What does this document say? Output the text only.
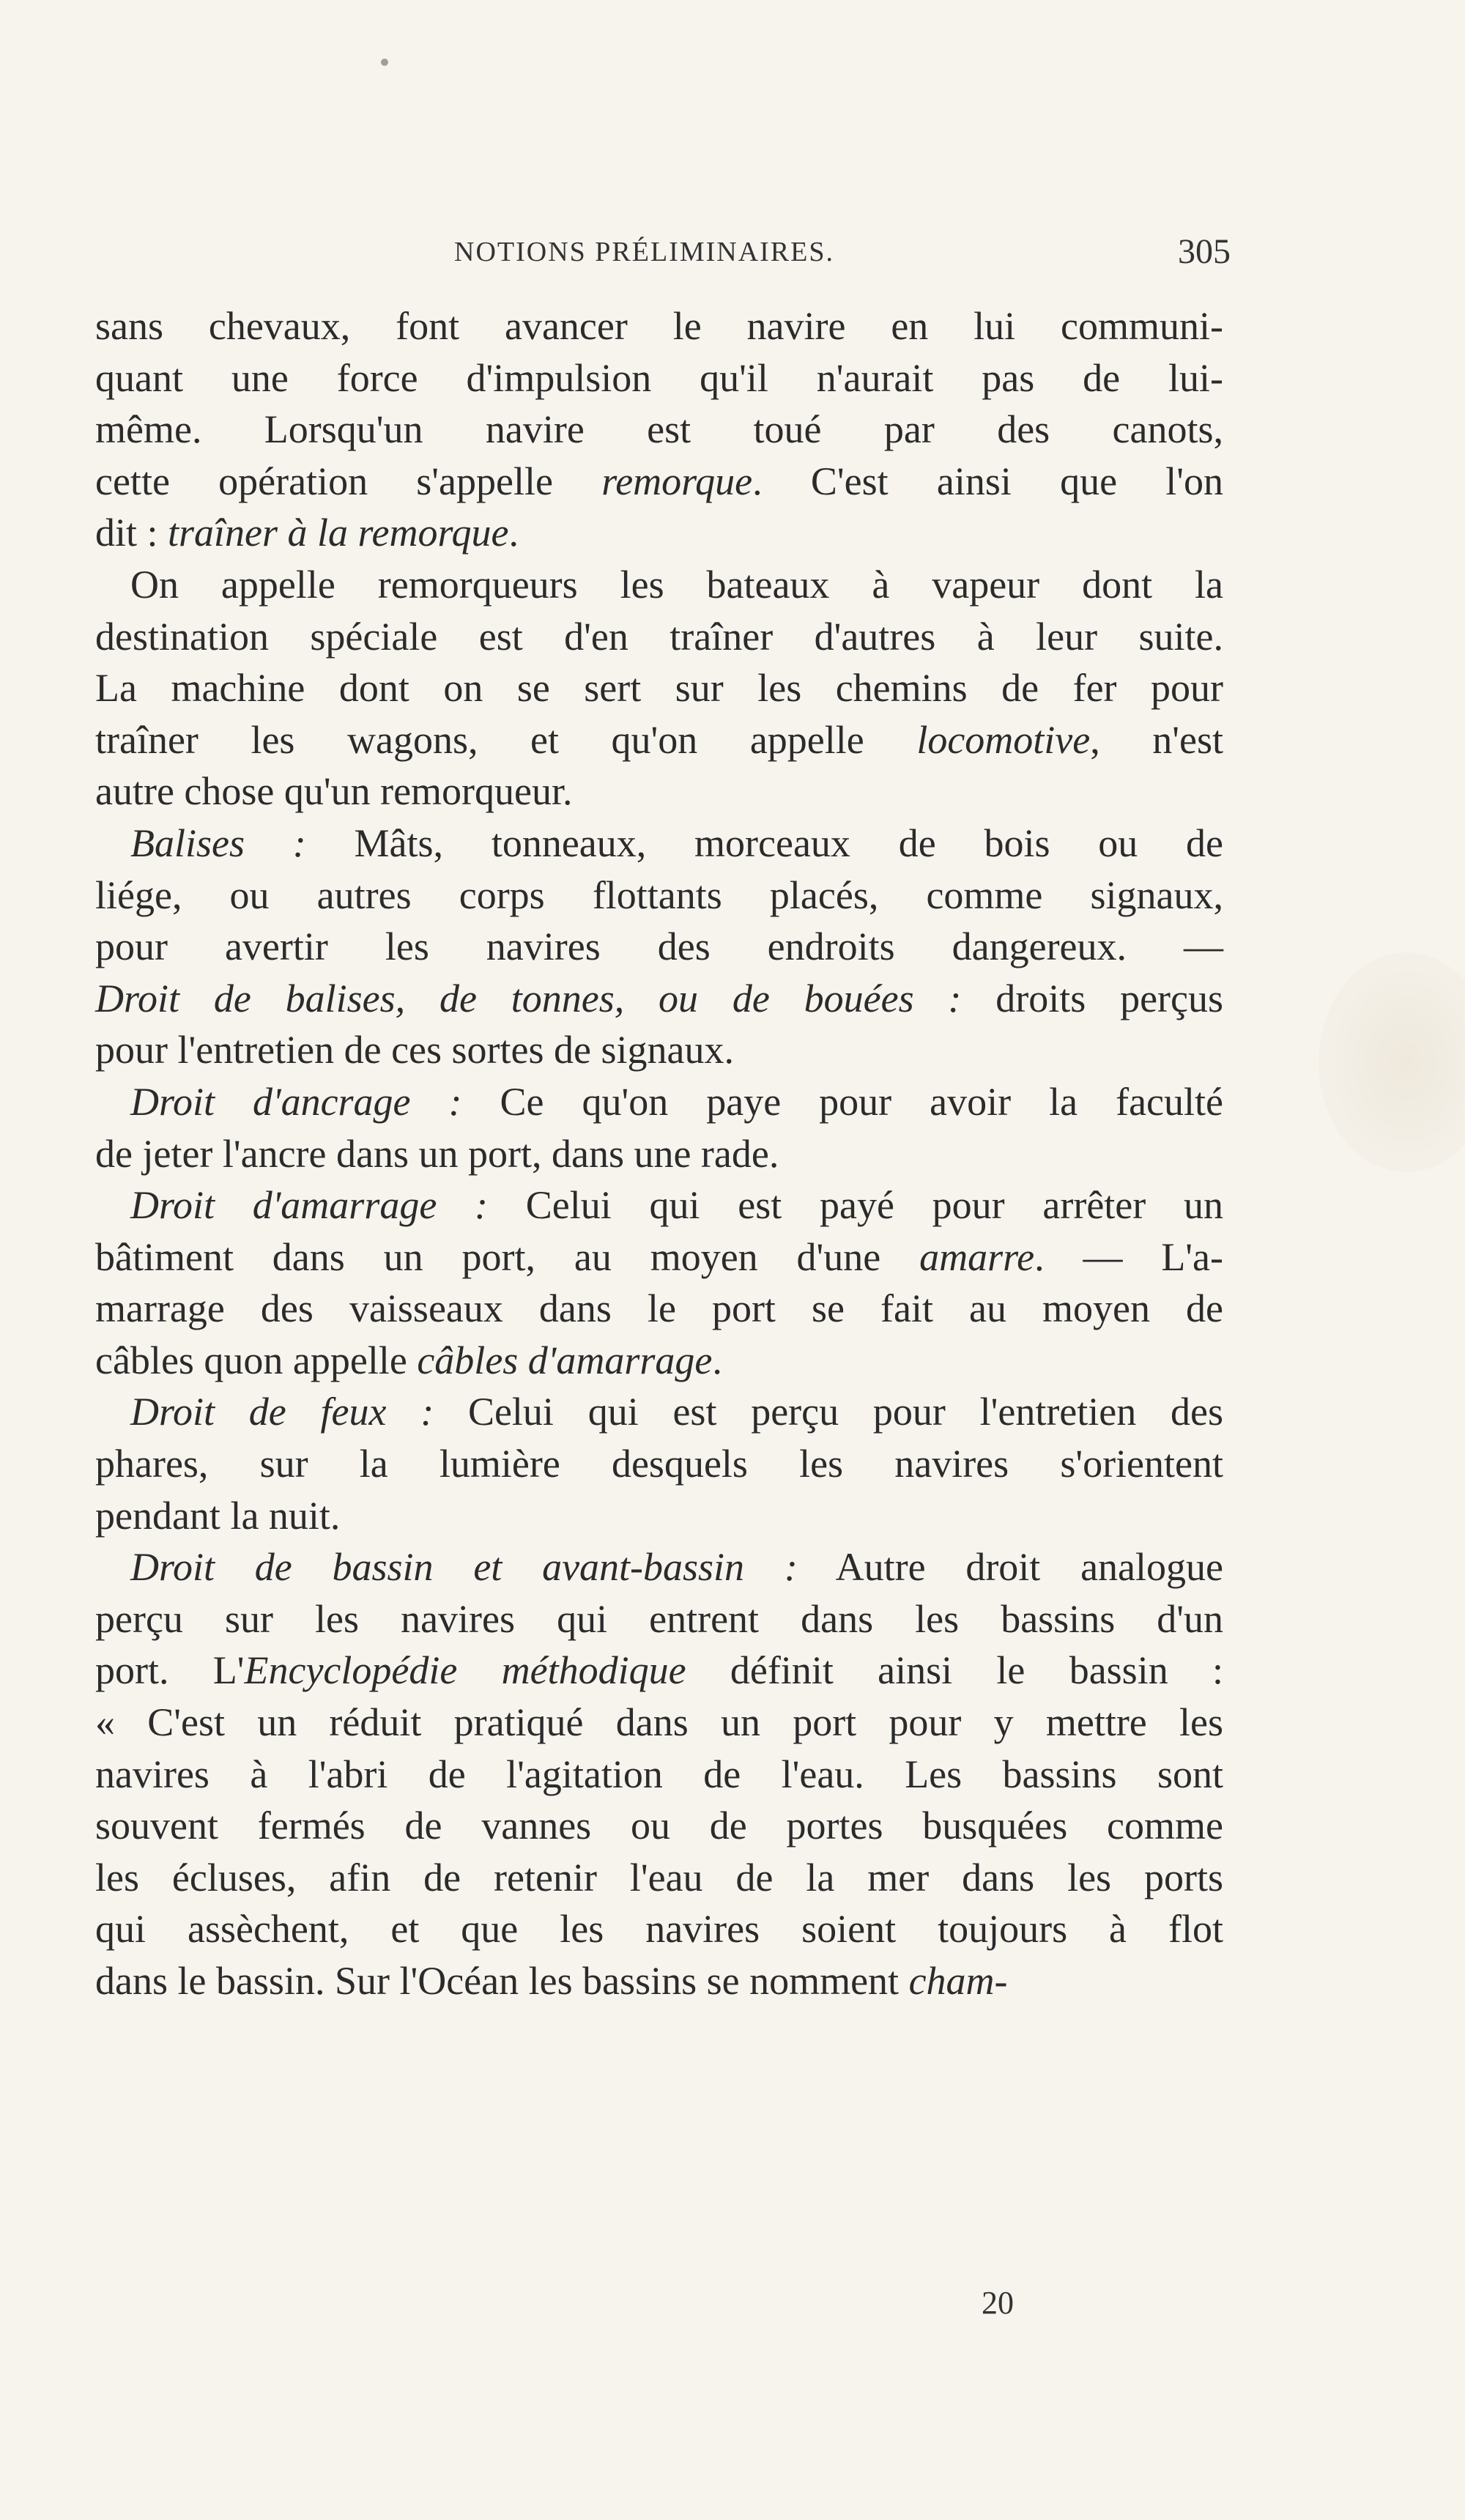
NOTIONS PRÉLIMINAIRES.	305

sans chevaux, font avancer le navire en lui communi-
quant une force d'impulsion qu'il n'aurait pas de lui-
même. Lorsqu'un navire est toué par des canots,
cette opération s'appelle remorque. C'est ainsi que l'on
dit : traîner à la remorque.

On appelle remorqueurs les bateaux à vapeur dont la
destination spéciale est d'en traîner d'autres à leur suite.
La machine dont on se sert sur les chemins de fer pour
traîner les wagons, et qu'on appelle locomotive, n'est
autre chose qu'un remorqueur.

Balises : Mâts, tonneaux, morceaux de bois ou de
liége, ou autres corps flottants placés, comme signaux,
pour avertir les navires des endroits dangereux. —
Droit de balises, de tonnes, ou de bouées : droits perçus
pour l'entretien de ces sortes de signaux.

Droit d'ancrage : Ce qu'on paye pour avoir la faculté
de jeter l'ancre dans un port, dans une rade.

Droit d'amarrage : Celui qui est payé pour arrêter un
bâtiment dans un port, au moyen d'une amarre. — L'a-
marrage des vaisseaux dans le port se fait au moyen de
câbles quon appelle câbles d'amarrage.

Droit de feux : Celui qui est perçu pour l'entretien des
phares, sur la lumière desquels les navires s'orientent
pendant la nuit.

Droit de bassin et avant-bassin : Autre droit analogue
perçu sur les navires qui entrent dans les bassins d'un
port. L'Encyclopédie méthodique définit ainsi le bassin :
« C'est un réduit pratiqué dans un port pour y mettre les
navires à l'abri de l'agitation de l'eau. Les bassins sont
souvent fermés de vannes ou de portes busquées comme
les écluses, afin de retenir l'eau de la mer dans les ports
qui assèchent, et que les navires soient toujours à flot
dans le bassin. Sur l'Océan les bassins se nomment cham-

20
